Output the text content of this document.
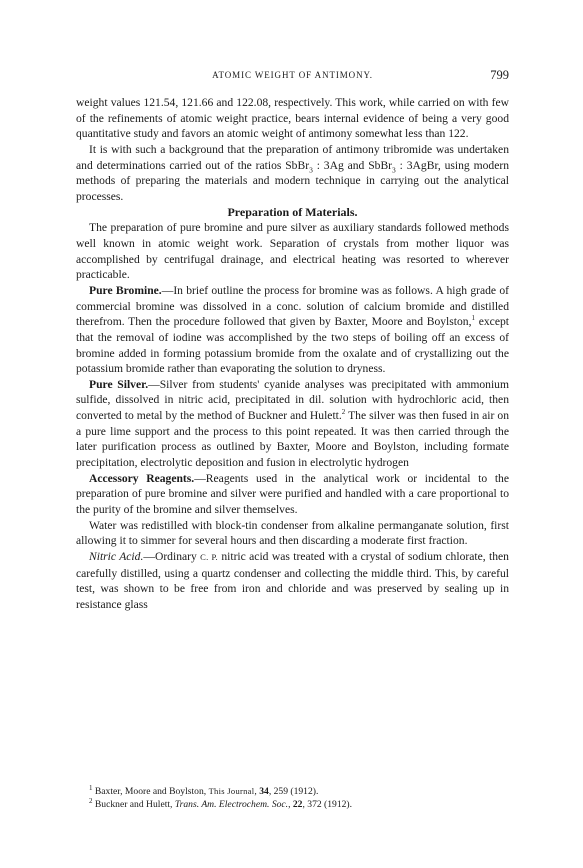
ATOMIC WEIGHT OF ANTIMONY.	799

weight values 121.54, 121.66 and 122.08, respectively. This work, while carried on with few of the refinements of atomic weight practice, bears internal evidence of being a very good quantitative study and favors an atomic weight of antimony somewhat less than 122.

It is with such a background that the preparation of antimony tribromide was undertaken and determinations carried out of the ratios SbBr$_3$ : 3Ag and SbBr$_3$ : 3AgBr, using modern methods of preparing the materials and modern technique in carrying out the analytical processes.

Preparation of Materials.

The preparation of pure bromine and pure silver as auxiliary standards followed methods well known in atomic weight work. Separation of crystals from mother liquor was accomplished by centrifugal drainage, and electrical heating was resorted to wherever practicable.

Pure Bromine.—In brief outline the process for bromine was as follows. A high grade of commercial bromine was dissolved in a conc. solution of calcium bromide and distilled therefrom. Then the procedure followed that given by Baxter, Moore and Boylston,$^1$ except that the removal of iodine was accomplished by the two steps of boiling off an excess of bromine added in forming potassium bromide from the oxalate and of crystallizing out the potassium bromide rather than evaporating the solution to dryness.

Pure Silver.—Silver from students' cyanide analyses was precipitated with ammonium sulfide, dissolved in nitric acid, precipitated in dil. solution with hydrochloric acid, then converted to metal by the method of Buckner and Hulett.$^2$ The silver was then fused in air on a pure lime support and the process to this point repeated. It was then carried through the later purification process as outlined by Baxter, Moore and Boylston, including formate precipitation, electrolytic deposition and fusion in electrolytic hydrogen

Accessory Reagents.—Reagents used in the analytical work or incidental to the preparation of pure bromine and silver were purified and handled with a care proportional to the purity of the bromine and silver themselves.

Water was redistilled with block-tin condenser from alkaline permanganate solution, first allowing it to simmer for several hours and then discarding a moderate first fraction.

Nitric Acid.—Ordinary C. P. nitric acid was treated with a crystal of sodium chlorate, then carefully distilled, using a quartz condenser and collecting the middle third. This, by careful test, was shown to be free from iron and chloride and was preserved by sealing up in resistance glass

$^1$ Baxter, Moore and Boylston, This Journal, 34, 259 (1912).

$^2$ Buckner and Hulett, Trans. Am. Electrochem. Soc., 22, 372 (1912).
